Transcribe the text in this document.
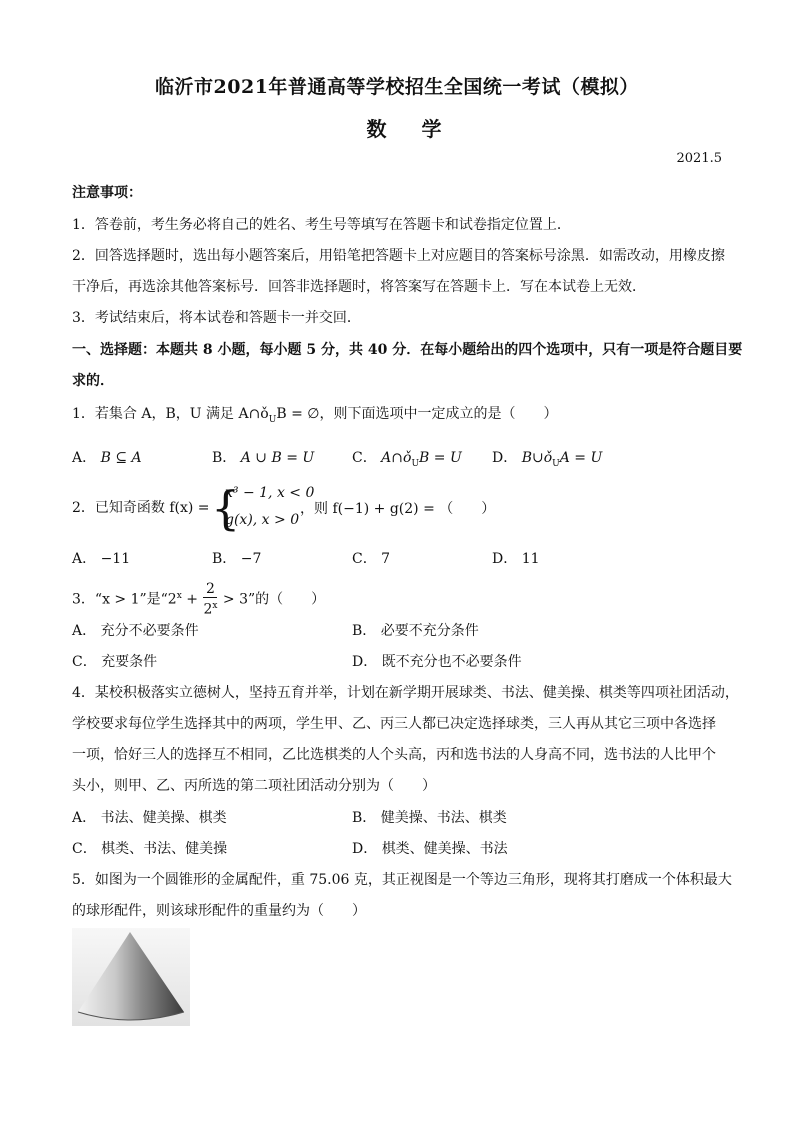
临沂市2021年普通高等学校招生全国统一考试（模拟）
数 学
2021.5
注意事项：
1．答卷前，考生务必将自己的姓名、考生号等填写在答题卡和试卷指定位置上．
2．回答选择题时，选出每小题答案后，用铅笔把答题卡上对应题目的答案标号涂黑．如需改动，用橡皮擦
干净后，再选涂其他答案标号．回答非选择题时，将答案写在答题卡上．写在本试卷上无效．
3．考试结束后，将本试卷和答题卡一并交回．
一、选择题：本题共 8 小题，每小题 5 分，共 40 分．在每小题给出的四个选项中，只有一项是符合题目要
求的．
1．若集合 A，B，U 满足 $A\cap ǒ_UB$ = ∅，则下面选项中一定成立的是（　　）
A． B ⊆ A	B． A ∪ B = U	C． $A\cap ǒ_UB = U$ D． $B\cup ǒ_UA = U$
2．已知奇函数 f(x) = {
x³ − 1, x < 0
g(x), x > 0
，则 f(−1) + g(2) = （　　）
A． −11	B． −7	C． 7	D． 11
3．“x > 1”是“$2^x + \frac{2}{2^x} > 3$”的（　　）
A． 充分不必要条件	B． 必要不充分条件
C． 充要条件	D． 既不充分也不必要条件
4．某校积极落实立德树人，坚持五育并举，计划在新学期开展球类、书法、健美操、棋类等四项社团活动，
学校要求每位学生选择其中的两项，学生甲、乙、丙三人都已决定选择球类，三人再从其它三项中各选择
一项，恰好三人的选择互不相同，乙比选棋类的人个头高，丙和选书法的人身高不同，选书法的人比甲个
头小，则甲、乙、丙所选的第二项社团活动分别为（　　）
A． 书法、健美操、棋类	B． 健美操、书法、棋类
C． 棋类、书法、健美操	D． 棋类、健美操、书法
5．如图为一个圆锥形的金属配件，重 75.06 克，其正视图是一个等边三角形，现将其打磨成一个体积最大
的球形配件，则该球形配件的重量约为（　　）
